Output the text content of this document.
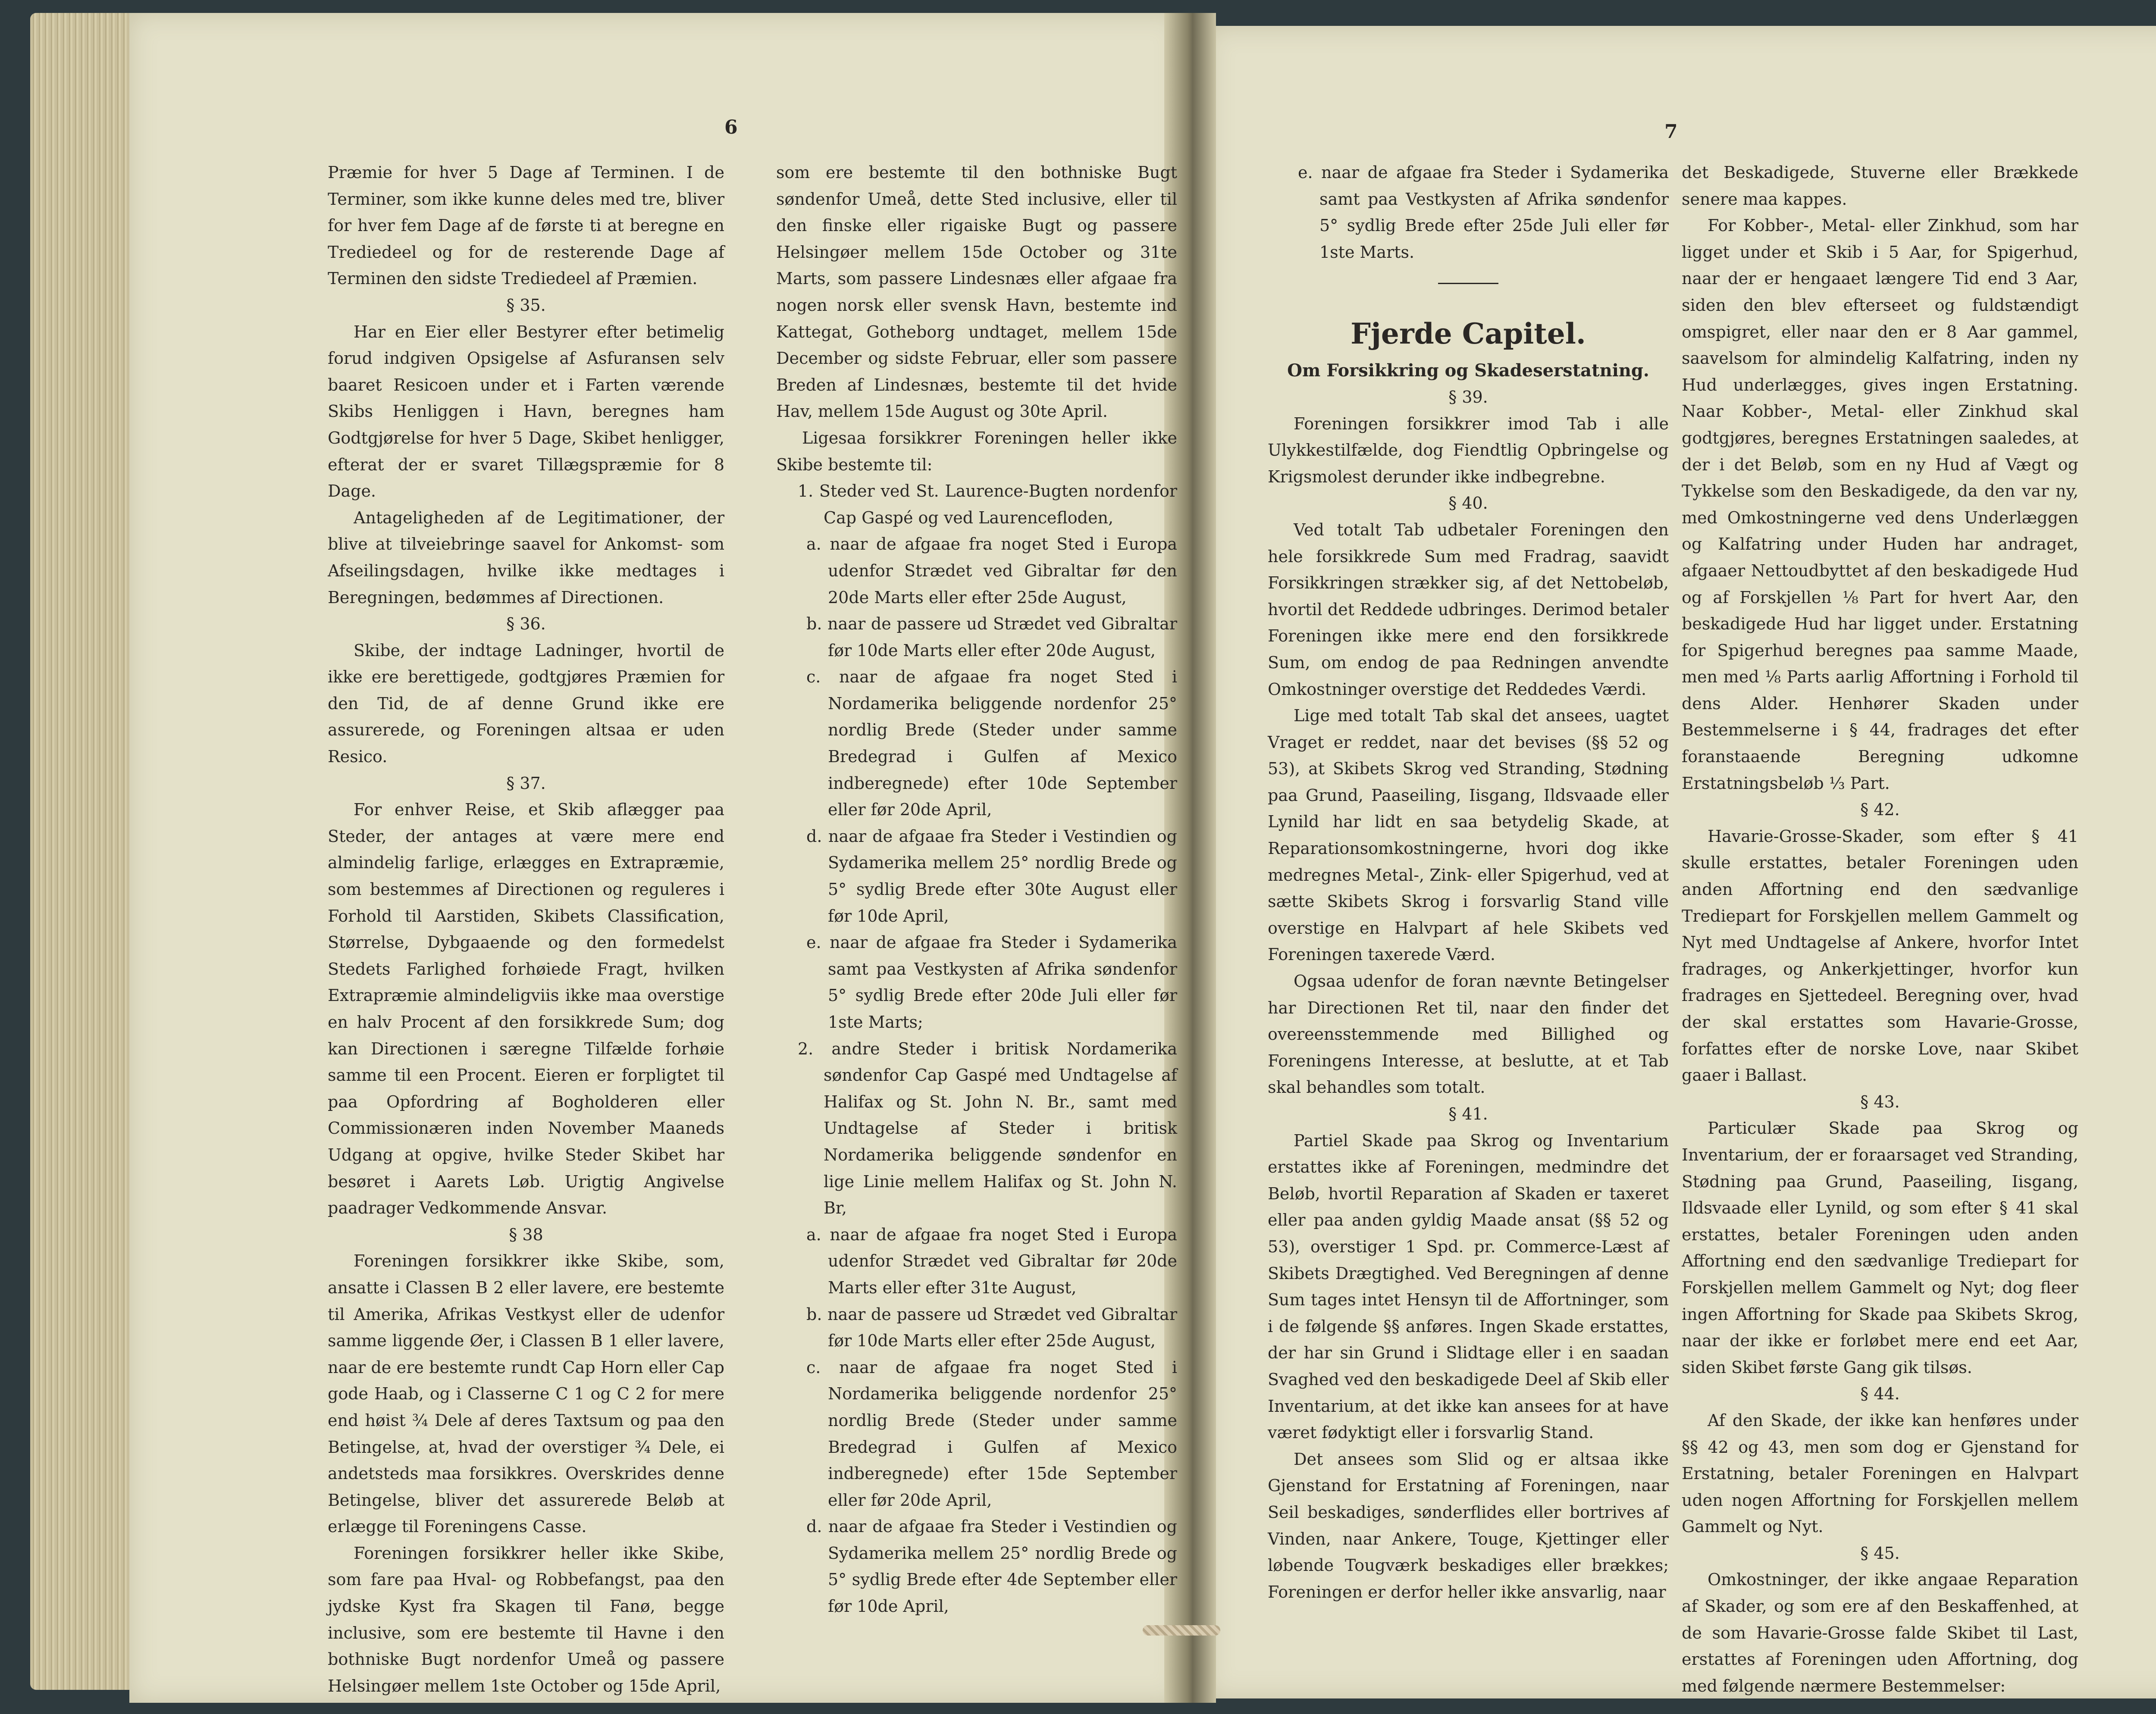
6	7

Præmie for hver 5 Dage af Terminen. I de Terminer, som ikke kunne deles med tre, bliver for hver fem Dage af de første ti at beregne en Trediedeel og for de resterende Dage af Terminen den sidste Trediedeel af Præmien.

§ 35.

Har en Eier eller Bestyrer efter betimelig forud indgiven Opsigelse af Asfuransen selv baaret Resicoen under et i Farten værende Skibs Henliggen i Havn, beregnes ham Godtgjørelse for hver 5 Dage, Skibet henligger, efterat der er svaret Tillægspræmie for 8 Dage.

Antageligheden af de Legitimationer, der blive at tilveiebringe saavel for Ankomst- som Afseilingsdagen, hvilke ikke medtages i Beregningen, bedømmes af Directionen.

§ 36.

Skibe, der indtage Ladninger, hvortil de ikke ere berettigede, godtgjøres Præmien for den Tid, de af denne Grund ikke ere assurerede, og Foreningen altsaa er uden Resico.

§ 37.

For enhver Reise, et Skib aflægger paa Steder, der antages at være mere end almindelig farlige, erlægges en Extrapræmie, som bestemmes af Directionen og reguleres i Forhold til Aarstiden, Skibets Classification, Størrelse, Dybgaaende og den formedelst Stedets Farlighed forhøiede Fragt, hvilken Extrapræmie almindeligviis ikke maa overstige en halv Procent af den forsikkrede Sum; dog kan Directionen i særegne Tilfælde forhøie samme til een Procent. Eieren er forpligtet til paa Opfordring af Bogholderen eller Commissionæren inden November Maaneds Udgang at opgive, hvilke Steder Skibet har besøret i Aarets Løb. Urigtig Angivelse paadrager Vedkommende Ansvar.

§ 38

Foreningen forsikkrer ikke Skibe, som, ansatte i Classen B 2 eller lavere, ere bestemte til Amerika, Afrikas Vestkyst eller de udenfor samme liggende Øer, i Classen B 1 eller lavere, naar de ere bestemte rundt Cap Horn eller Cap gode Haab, og i Classerne C 1 og C 2 for mere end høist ¾ Dele af deres Taxtsum og paa den Betingelse, at, hvad der overstiger ¾ Dele, ei andetsteds maa forsikkres. Overskrides denne Betingelse, bliver det assurerede Beløb at erlægge til Foreningens Casse.

Foreningen forsikkrer heller ikke Skibe, som fare paa Hval- og Robbefangst, paa den jydske Kyst fra Skagen til Fanø, begge inclusive, som ere bestemte til Havne i den bothniske Bugt nordenfor Umeå og passere Helsingøer mellem 1ste October og 15de April,

som ere bestemte til den bothniske Bugt søndenfor Umeå, dette Sted inclusive, eller til den finske eller rigaiske Bugt og passere Helsingøer mellem 15de October og 31te Marts, som passere Lindesnæs eller afgaae fra nogen norsk eller svensk Havn, bestemte ind Kattegat, Gotheborg undtaget, mellem 15de December og sidste Februar, eller som passere Breden af Lindesnæs, bestemte til det hvide Hav, mellem 15de August og 30te April.

Ligesaa forsikkrer Foreningen heller ikke Skibe bestemte til:

1. Steder ved St. Laurence-Bugten nordenfor Cap Gaspé og ved Laurencefloden,

a. naar de afgaae fra noget Sted i Europa udenfor Strædet ved Gibraltar før den 20de Marts eller efter 25de August,

b. naar de passere ud Strædet ved Gibraltar før 10de Marts eller efter 20de August,

c. naar de afgaae fra noget Sted i Nordamerika beliggende nordenfor 25° nordlig Brede (Steder under samme Bredegrad i Gulfen af Mexico indberegnede) efter 10de September eller før 20de April,

d. naar de afgaae fra Steder i Vestindien og Sydamerika mellem 25° nordlig Brede og 5° sydlig Brede efter 30te August eller før 10de April,

e. naar de afgaae fra Steder i Sydamerika samt paa Vestkysten af Afrika søndenfor 5° sydlig Brede efter 20de Juli eller før 1ste Marts;

2. andre Steder i britisk Nordamerika søndenfor Cap Gaspé med Undtagelse af Halifax og St. John N. Br., samt med Undtagelse af Steder i britisk Nordamerika beliggende søndenfor en lige Linie mellem Halifax og St. John N. Br,

a. naar de afgaae fra noget Sted i Europa udenfor Strædet ved Gibraltar før 20de Marts eller efter 31te August,

b. naar de passere ud Strædet ved Gibraltar før 10de Marts eller efter 25de August,

c. naar de afgaae fra noget Sted i Nordamerika beliggende nordenfor 25° nordlig Brede (Steder under samme Bredegrad i Gulfen af Mexico indberegnede) efter 15de September eller før 20de April,

d. naar de afgaae fra Steder i Vestindien og Sydamerika mellem 25° nordlig Brede og 5° sydlig Brede efter 4de September eller før 10de April,

e. naar de afgaae fra Steder i Sydamerika samt paa Vestkysten af Afrika søndenfor 5° sydlig Brede efter 25de Juli eller før 1ste Marts.

Fjerde Capitel.
Om Forsikkring og Skadeserstatning.

§ 39.

Foreningen forsikkrer imod Tab i alle Ulykkestilfælde, dog Fiendtlig Opbringelse og Krigsmolest derunder ikke indbegrebne.

§ 40.

Ved totalt Tab udbetaler Foreningen den hele forsikkrede Sum med Fradrag, saavidt Forsikkringen strækker sig, af det Nettobeløb, hvortil det Reddede udbringes. Derimod betaler Foreningen ikke mere end den forsikkrede Sum, om endog de paa Redningen anvendte Omkostninger overstige det Reddedes Værdi.

Lige med totalt Tab skal det ansees, uagtet Vraget er reddet, naar det bevises (§§ 52 og 53), at Skibets Skrog ved Stranding, Stødning paa Grund, Paaseiling, Iisgang, Ildsvaade eller Lynild har lidt en saa betydelig Skade, at Reparationsomkostningerne, hvori dog ikke medregnes Metal-, Zink- eller Spigerhud, ved at sætte Skibets Skrog i forsvarlig Stand ville overstige en Halvpart af hele Skibets ved Foreningen taxerede Værd.

Ogsaa udenfor de foran nævnte Betingelser har Directionen Ret til, naar den finder det overeensstemmende med Billighed og Foreningens Interesse, at beslutte, at et Tab skal behandles som totalt.

§ 41.

Partiel Skade paa Skrog og Inventarium erstattes ikke af Foreningen, medmindre det Beløb, hvortil Reparation af Skaden er taxeret eller paa anden gyldig Maade ansat (§§ 52 og 53), overstiger 1 Spd. pr. Commerce-Læst af Skibets Drægtighed. Ved Beregningen af denne Sum tages intet Hensyn til de Affortninger, som i de følgende §§ anføres. Ingen Skade erstattes, der har sin Grund i Slidtage eller i en saadan Svaghed ved den beskadigede Deel af Skib eller Inventarium, at det ikke kan ansees for at have været fødyktigt eller i forsvarlig Stand.

Det ansees som Slid og er altsaa ikke Gjenstand for Erstatning af Foreningen, naar Seil beskadiges, sønderflides eller bortrives af Vinden, naar Ankere, Touge, Kjettinger eller løbende Tougværk beskadiges eller brækkes; Foreningen er derfor heller ikke ansvarlig, naar

det Beskadigede, Stuverne eller Brækkede senere maa kappes.

For Kobber-, Metal- eller Zinkhud, som har ligget under et Skib i 5 Aar, for Spigerhud, naar der er hengaaet længere Tid end 3 Aar, siden den blev efterseet og fuldstændigt omspigret, eller naar den er 8 Aar gammel, saavelsom for almindelig Kalfatring, inden ny Hud underlægges, gives ingen Erstatning. Naar Kobber-, Metal- eller Zinkhud skal godtgjøres, beregnes Erstatningen saaledes, at der i det Beløb, som en ny Hud af Vægt og Tykkelse som den Beskadigede, da den var ny, med Omkostningerne ved dens Underlæggen og Kalfatring under Huden har andraget, afgaaer Nettoudbyttet af den beskadigede Hud og af Forskjellen ⅛ Part for hvert Aar, den beskadigede Hud har ligget under. Erstatning for Spigerhud beregnes paa samme Maade, men med ⅛ Parts aarlig Affortning i Forhold til dens Alder. Henhører Skaden under Bestemmelserne i § 44, fradrages det efter foranstaaende Beregning udkomne Erstatningsbeløb ⅓ Part.

§ 42.

Havarie-Grosse-Skader, som efter § 41 skulle erstattes, betaler Foreningen uden anden Affortning end den sædvanlige Trediepart for Forskjellen mellem Gammelt og Nyt med Undtagelse af Ankere, hvorfor Intet fradrages, og Ankerkjettinger, hvorfor kun fradrages en Sjettedeel. Beregning over, hvad der skal erstattes som Havarie-Grosse, forfattes efter de norske Love, naar Skibet gaaer i Ballast.

§ 43.

Particulær Skade paa Skrog og Inventarium, der er foraarsaget ved Stranding, Stødning paa Grund, Paaseiling, Iisgang, Ildsvaade eller Lynild, og som efter § 41 skal erstattes, betaler Foreningen uden anden Affortning end den sædvanlige Trediepart for Forskjellen mellem Gammelt og Nyt; dog fleer ingen Affortning for Skade paa Skibets Skrog, naar der ikke er forløbet mere end eet Aar, siden Skibet første Gang gik tilsøs.

§ 44.

Af den Skade, der ikke kan henføres under §§ 42 og 43, men som dog er Gjenstand for Erstatning, betaler Foreningen en Halvpart uden nogen Affortning for Forskjellen mellem Gammelt og Nyt.

§ 45.

Omkostninger, der ikke angaae Reparation af Skader, og som ere af den Beskaffenhed, at de som Havarie-Grosse falde Skibet til Last, erstattes af Foreningen uden Affortning, dog med følgende nærmere Bestemmelser:
